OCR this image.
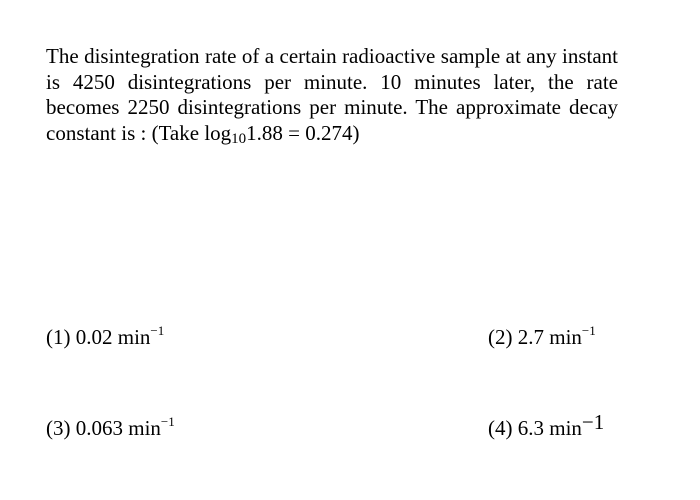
The disintegration rate of a certain radioactive sample at any instant is 4250 disintegrations per minute. 10 minutes later, the rate becomes 2250 disintegrations per minute. The approximate decay constant is : (Take $\log_{10}1.88 = 0.274$)
(1) 0.02 $\min^{-1}$	(2) 2.7 $\min^{-1}$
(3) 0.063 $\min^{-1}$	(4) 6.3 min−1
